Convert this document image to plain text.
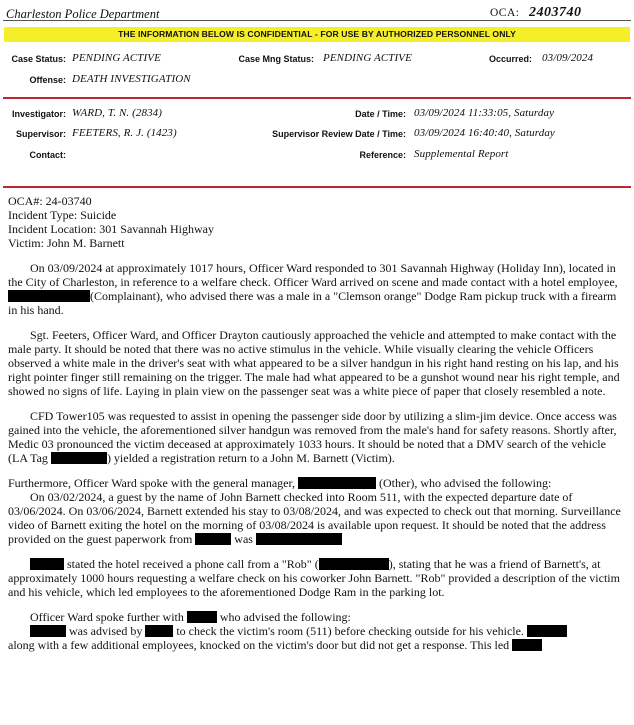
Charleston Police Department	OCA: 2403740
THE INFORMATION BELOW IS CONFIDENTIAL - FOR USE BY AUTHORIZED PERSONNEL ONLY
Case Status: PENDING ACTIVE	Case Mng Status: PENDING ACTIVE	Occurred: 03/09/2024
Offense: DEATH INVESTIGATION
Investigator: WARD, T. N. (2834)	Date / Time: 03/09/2024 11:33:05, Saturday
Supervisor: FEETERS, R. J. (1423)	Supervisor Review Date / Time: 03/09/2024 16:40:40, Saturday
Contact:	Reference: Supplemental Report
OCA#: 24-03740
Incident Type: Suicide
Incident Location: 301 Savannah Highway
Victim: John M. Barnett

On 03/09/2024 at approximately 1017 hours, Officer Ward responded to 301 Savannah Highway (Holiday Inn), located in the City of Charleston, in reference to a welfare check. Officer Ward arrived on scene and made contact with a hotel employee, (Complainant), who advised there was a male in a "Clemson orange" Dodge Ram pickup truck with a firearm in his hand.

Sgt. Feeters, Officer Ward, and Officer Drayton cautiously approached the vehicle and attempted to make contact with the male party. It should be noted that there was no active stimulus in the vehicle. While visually clearing the vehicle Officers observed a white male in the driver's seat with what appeared to be a silver handgun in his right hand resting on his lap, and his right pointer finger still remaining on the trigger. The male had what appeared to be a gunshot wound near his right temple, and showed no signs of life. Laying in plain view on the passenger seat was a white piece of paper that closely resembled a note.

CFD Tower105 was requested to assist in opening the passenger side door by utilizing a slim-jim device. Once access was gained into the vehicle, the aforementioned silver handgun was removed from the male's hand for safety reasons. Shortly after, Medic 03 pronounced the victim deceased at approximately 1033 hours. It should be noted that a DMV search of the vehicle (LA Tag	) yielded a registration return to a John M. Barnett (Victim).

Furthermore, Officer Ward spoke with the general manager,	(Other), who advised the following:
On 03/02/2024, a guest by the name of John Barnett checked into Room 511, with the expected departure date of 03/06/2024. On 03/06/2024, Barnett extended his stay to 03/08/2024, and was expected to check out that morning. Surveillance video of Barnett exiting the hotel on the morning of 03/08/2024 is available upon request. It should be noted that the address provided on the guest paperwork from	was

stated the hotel received a phone call from a "Rob" (	), stating that he was a friend of Barnett's, at approximately 1000 hours requesting a welfare check on his coworker John Barnett. "Rob" provided a description of the victim and his vehicle, which led employees to the aforementioned Dodge Ram in the parking lot.

Officer Ward spoke further with	who advised the following:
was advised by  to check the victim's room (511) before checking outside for his vehicle.
along with a few additional employees, knocked on the victim's door but did not get a response. This led
